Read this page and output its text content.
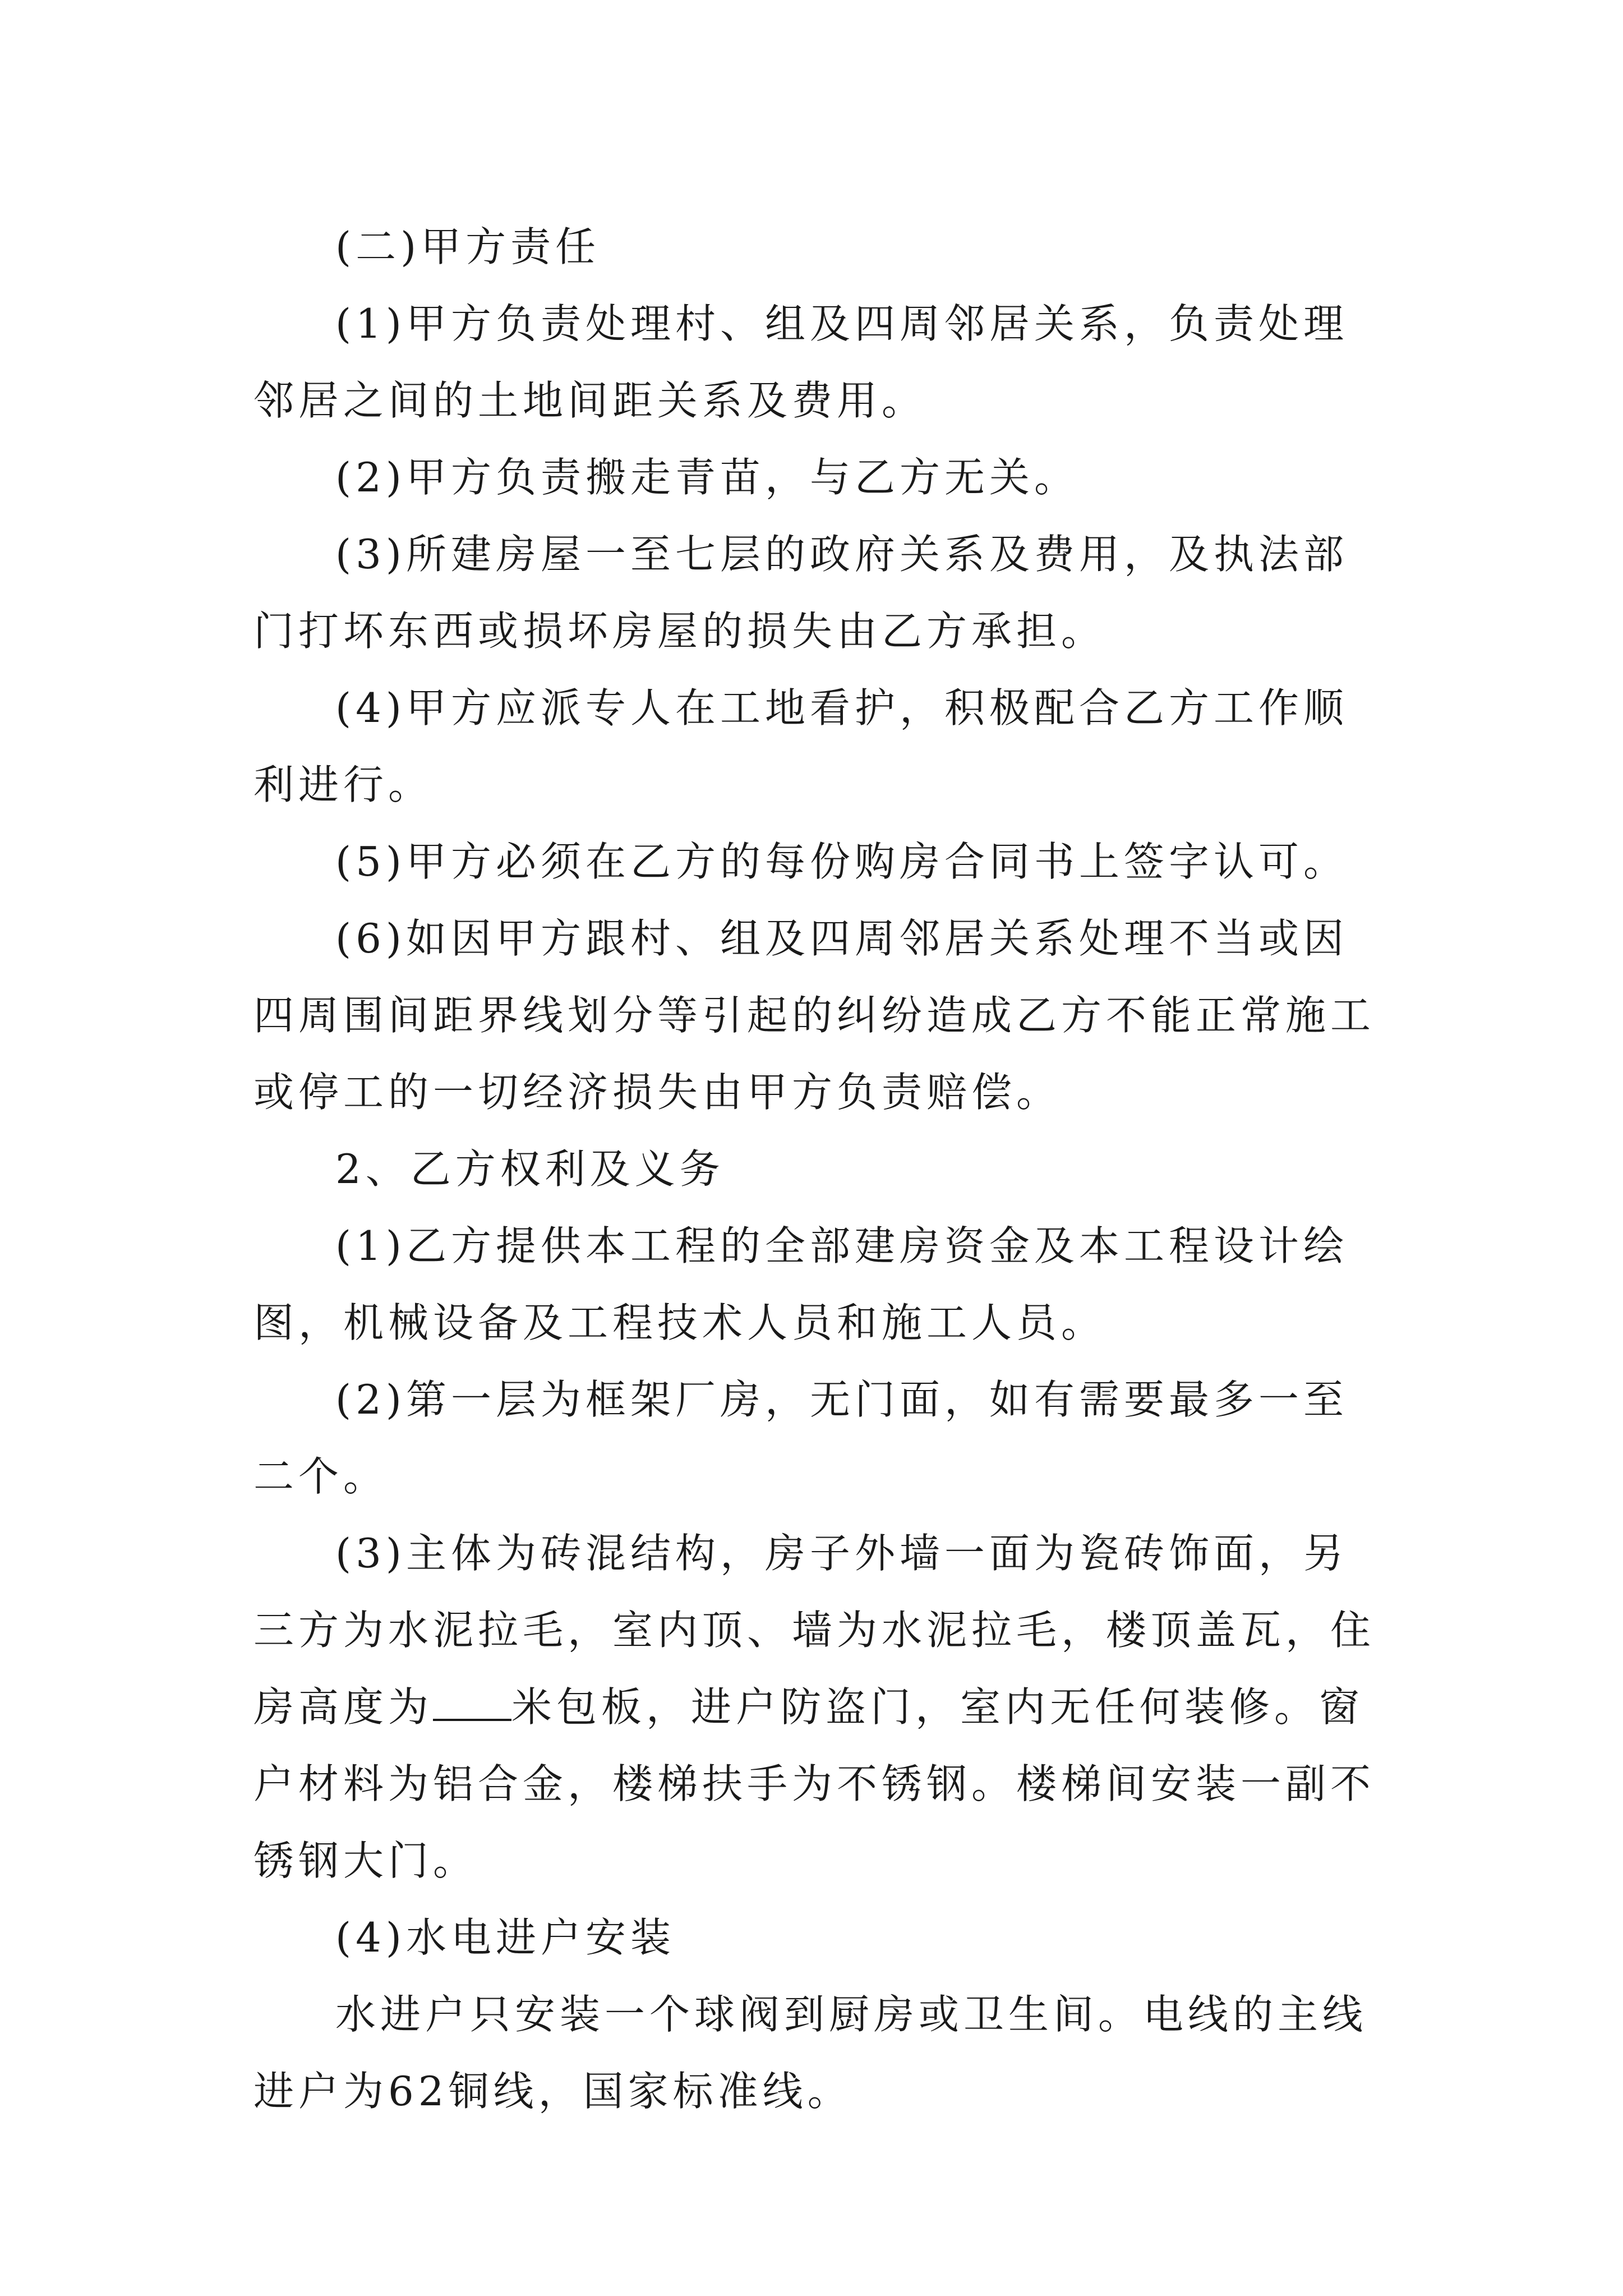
(二)甲方责任

(1)甲方负责处理村、组及四周邻居关系，负责处理邻居之间的土地间距关系及费用。

(2)甲方负责搬走青苗，与乙方无关。

(3)所建房屋一至七层的政府关系及费用，及执法部门打坏东西或损坏房屋的损失由乙方承担。

(4)甲方应派专人在工地看护，积极配合乙方工作顺利进行。

(5)甲方必须在乙方的每份购房合同书上签字认可。

(6)如因甲方跟村、组及四周邻居关系处理不当或因四周围间距界线划分等引起的纠纷造成乙方不能正常施工或停工的一切经济损失由甲方负责赔偿。

2、乙方权利及义务

(1)乙方提供本工程的全部建房资金及本工程设计绘图，机械设备及工程技术人员和施工人员。

(2)第一层为框架厂房，无门面，如有需要最多一至二个。

(3)主体为砖混结构，房子外墙一面为瓷砖饰面，另三方为水泥拉毛，室内顶、墙为水泥拉毛，楼顶盖瓦，住房高度为 米包板，进户防盗门，室内无任何装修。窗户材料为铝合金，楼梯扶手为不锈钢。楼梯间安装一副不锈钢大门。

(4)水电进户安装

水进户只安装一个球阀到厨房或卫生间。电线的主线进户为62铜线，国家标准线。
